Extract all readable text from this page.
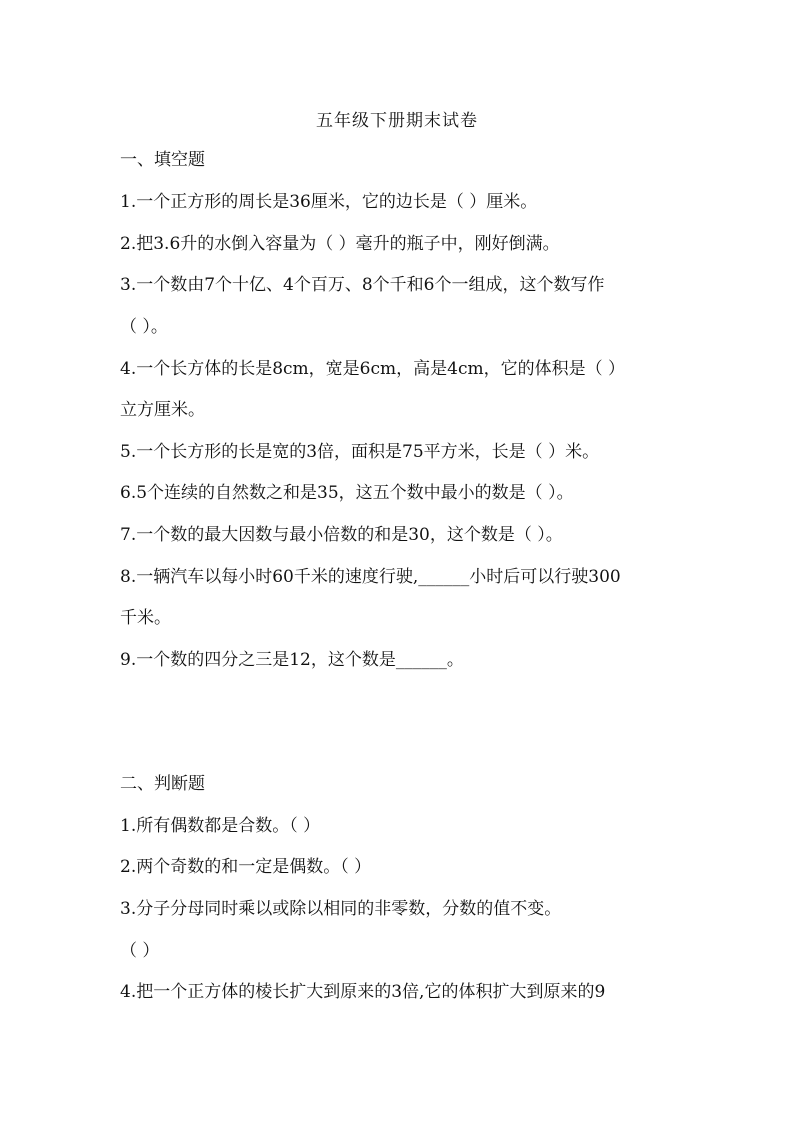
五年级下册期末试卷
一、填空题
1.一个正方形的周长是36厘米，它的边长是（ ）厘米。
2.把3.6升的水倒入容量为（ ）毫升的瓶子中，刚好倒满。
3.一个数由7个十亿、4个百万、8个千和6个一组成，这个数写作
（ ）。
4.一个长方体的长是8cm，宽是6cm，高是4cm，它的体积是（ ）
立方厘米。
5.一个长方形的长是宽的3倍，面积是75平方米，长是（ ）米。
6.5个连续的自然数之和是35，这五个数中最小的数是（ ）。
7.一个数的最大因数与最小倍数的和是30，这个数是（ ）。
8.一辆汽车以每小时60千米的速度行驶,______小时后可以行驶300
千米。
9.一个数的四分之三是12，这个数是______。
二、判断题
1.所有偶数都是合数。（ ）
2.两个奇数的和一定是偶数。（ ）
3.分子分母同时乘以或除以相同的非零数，分数的值不变。
（ ）
4.把一个正方体的棱长扩大到原来的3倍,它的体积扩大到原来的9
